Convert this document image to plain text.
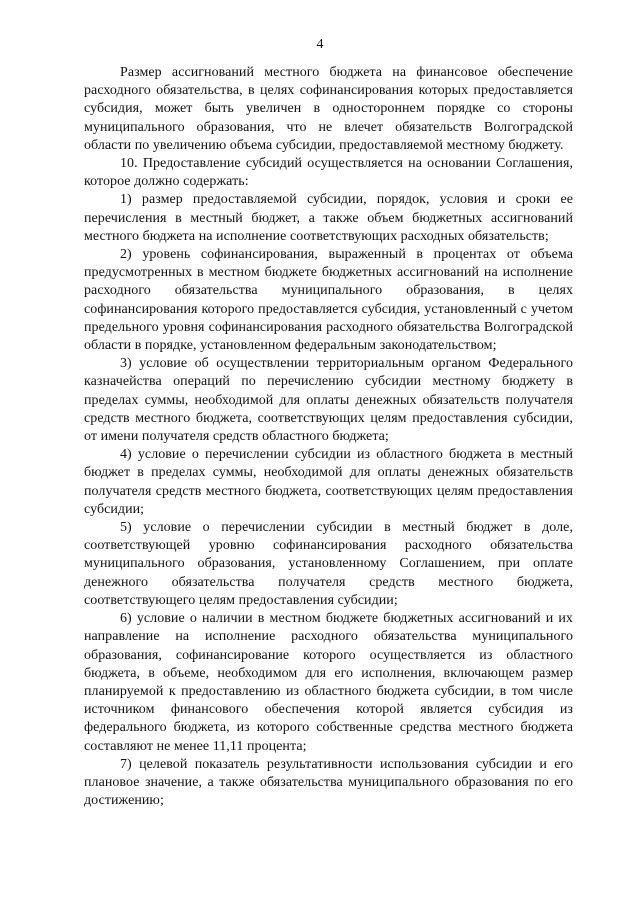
4

Размер ассигнований местного бюджета на финансовое обеспечение расходного обязательства, в целях софинансирования которых предоставляется субсидия, может быть увеличен в одностороннем порядке со стороны муниципального образования, что не влечет обязательств Волгоградской области по увеличению объема субсидии, предоставляемой местному бюджету.

10. Предоставление субсидий осуществляется на основании Соглашения, которое должно содержать:

1) размер предоставляемой субсидии, порядок, условия и сроки ее перечисления в местный бюджет, а также объем бюджетных ассигнований местного бюджета на исполнение соответствующих расходных обязательств;

2) уровень софинансирования, выраженный в процентах от объема предусмотренных в местном бюджете бюджетных ассигнований на исполнение расходного обязательства муниципального образования, в целях софинансирования которого предоставляется субсидия, установленный с учетом предельного уровня софинансирования расходного обязательства Волгоградской области в порядке, установленном федеральным законодательством;

3) условие об осуществлении территориальным органом Федерального казначейства операций по перечислению субсидии местному бюджету в пределах суммы, необходимой для оплаты денежных обязательств получателя средств местного бюджета, соответствующих целям предоставления субсидии, от имени получателя средств областного бюджета;

4) условие о перечислении субсидии из областного бюджета в местный бюджет в пределах суммы, необходимой для оплаты денежных обязательств получателя средств местного бюджета, соответствующих целям предоставления субсидии;

5) условие о перечислении субсидии в местный бюджет в доле, соответствующей уровню софинансирования расходного обязательства муниципального образования, установленному Соглашением, при оплате денежного обязательства получателя средств местного бюджета, соответствующего целям предоставления субсидии;

6) условие о наличии в местном бюджете бюджетных ассигнований и их направление на исполнение расходного обязательства муниципального образования, софинансирование которого осуществляется из областного бюджета, в объеме, необходимом для его исполнения, включающем размер планируемой к предоставлению из областного бюджета субсидии, в том числе источником финансового обеспечения которой является субсидия из федерального бюджета, из которого собственные средства местного бюджета составляют не менее 11,11 процента;

7) целевой показатель результативности использования субсидии и его плановое значение, а также обязательства муниципального образования по его достижению;
